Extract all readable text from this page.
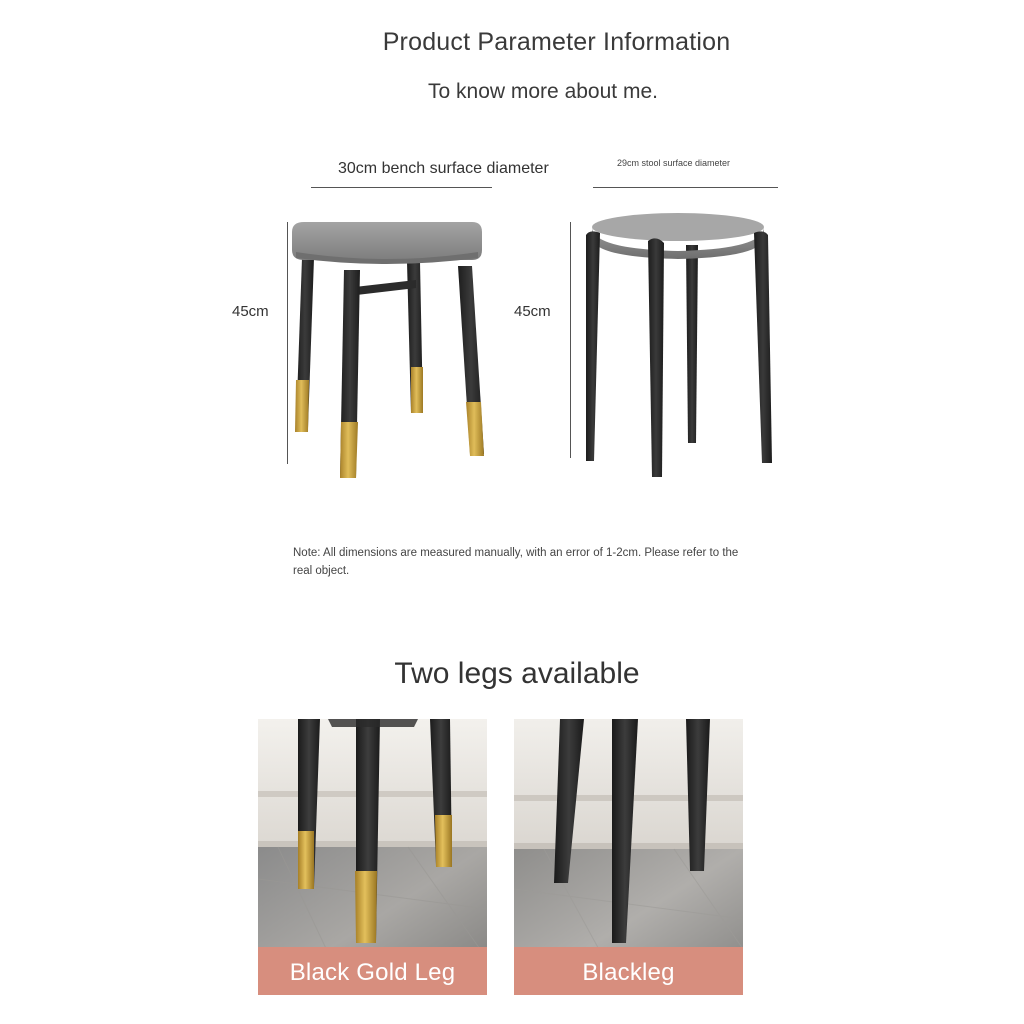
Product Parameter Information
To know more about me.
30cm bench surface diameter	29cm stool surface diameter
45cm	45cm
Note: All dimensions are measured manually, with an error of 1-2cm. Please refer to the real object.
Two legs available
Black Gold Leg	Blackleg
